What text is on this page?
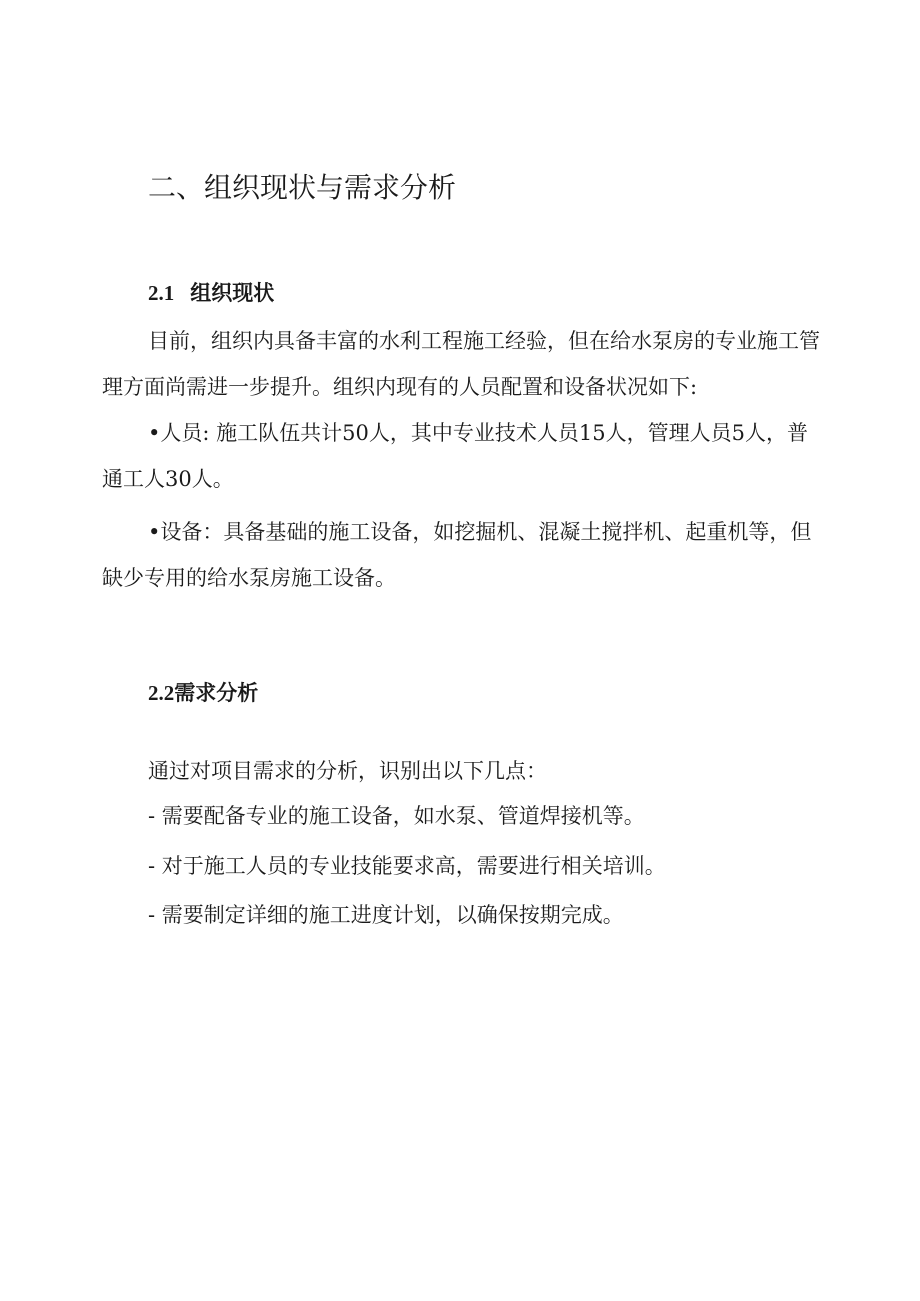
二、组织现状与需求分析
2.1 组织现状

目前，组织内具备丰富的水利工程施工经验，但在给水泵房的专业施工管理方面尚需进一步提升。组织内现有的人员配置和设备状况如下:

•人员: 施工队伍共计50人，其中专业技术人员15人，管理人员5人，普通工人30人。

•设备：具备基础的施工设备，如挖掘机、混凝土搅拌机、起重机等，但缺少专用的给水泵房施工设备。

2.2需求分析

通过对项目需求的分析，识别出以下几点：

- 需要配备专业的施工设备，如水泵、管道焊接机等。

- 对于施工人员的专业技能要求高，需要进行相关培训。

- 需要制定详细的施工进度计划，以确保按期完成。
